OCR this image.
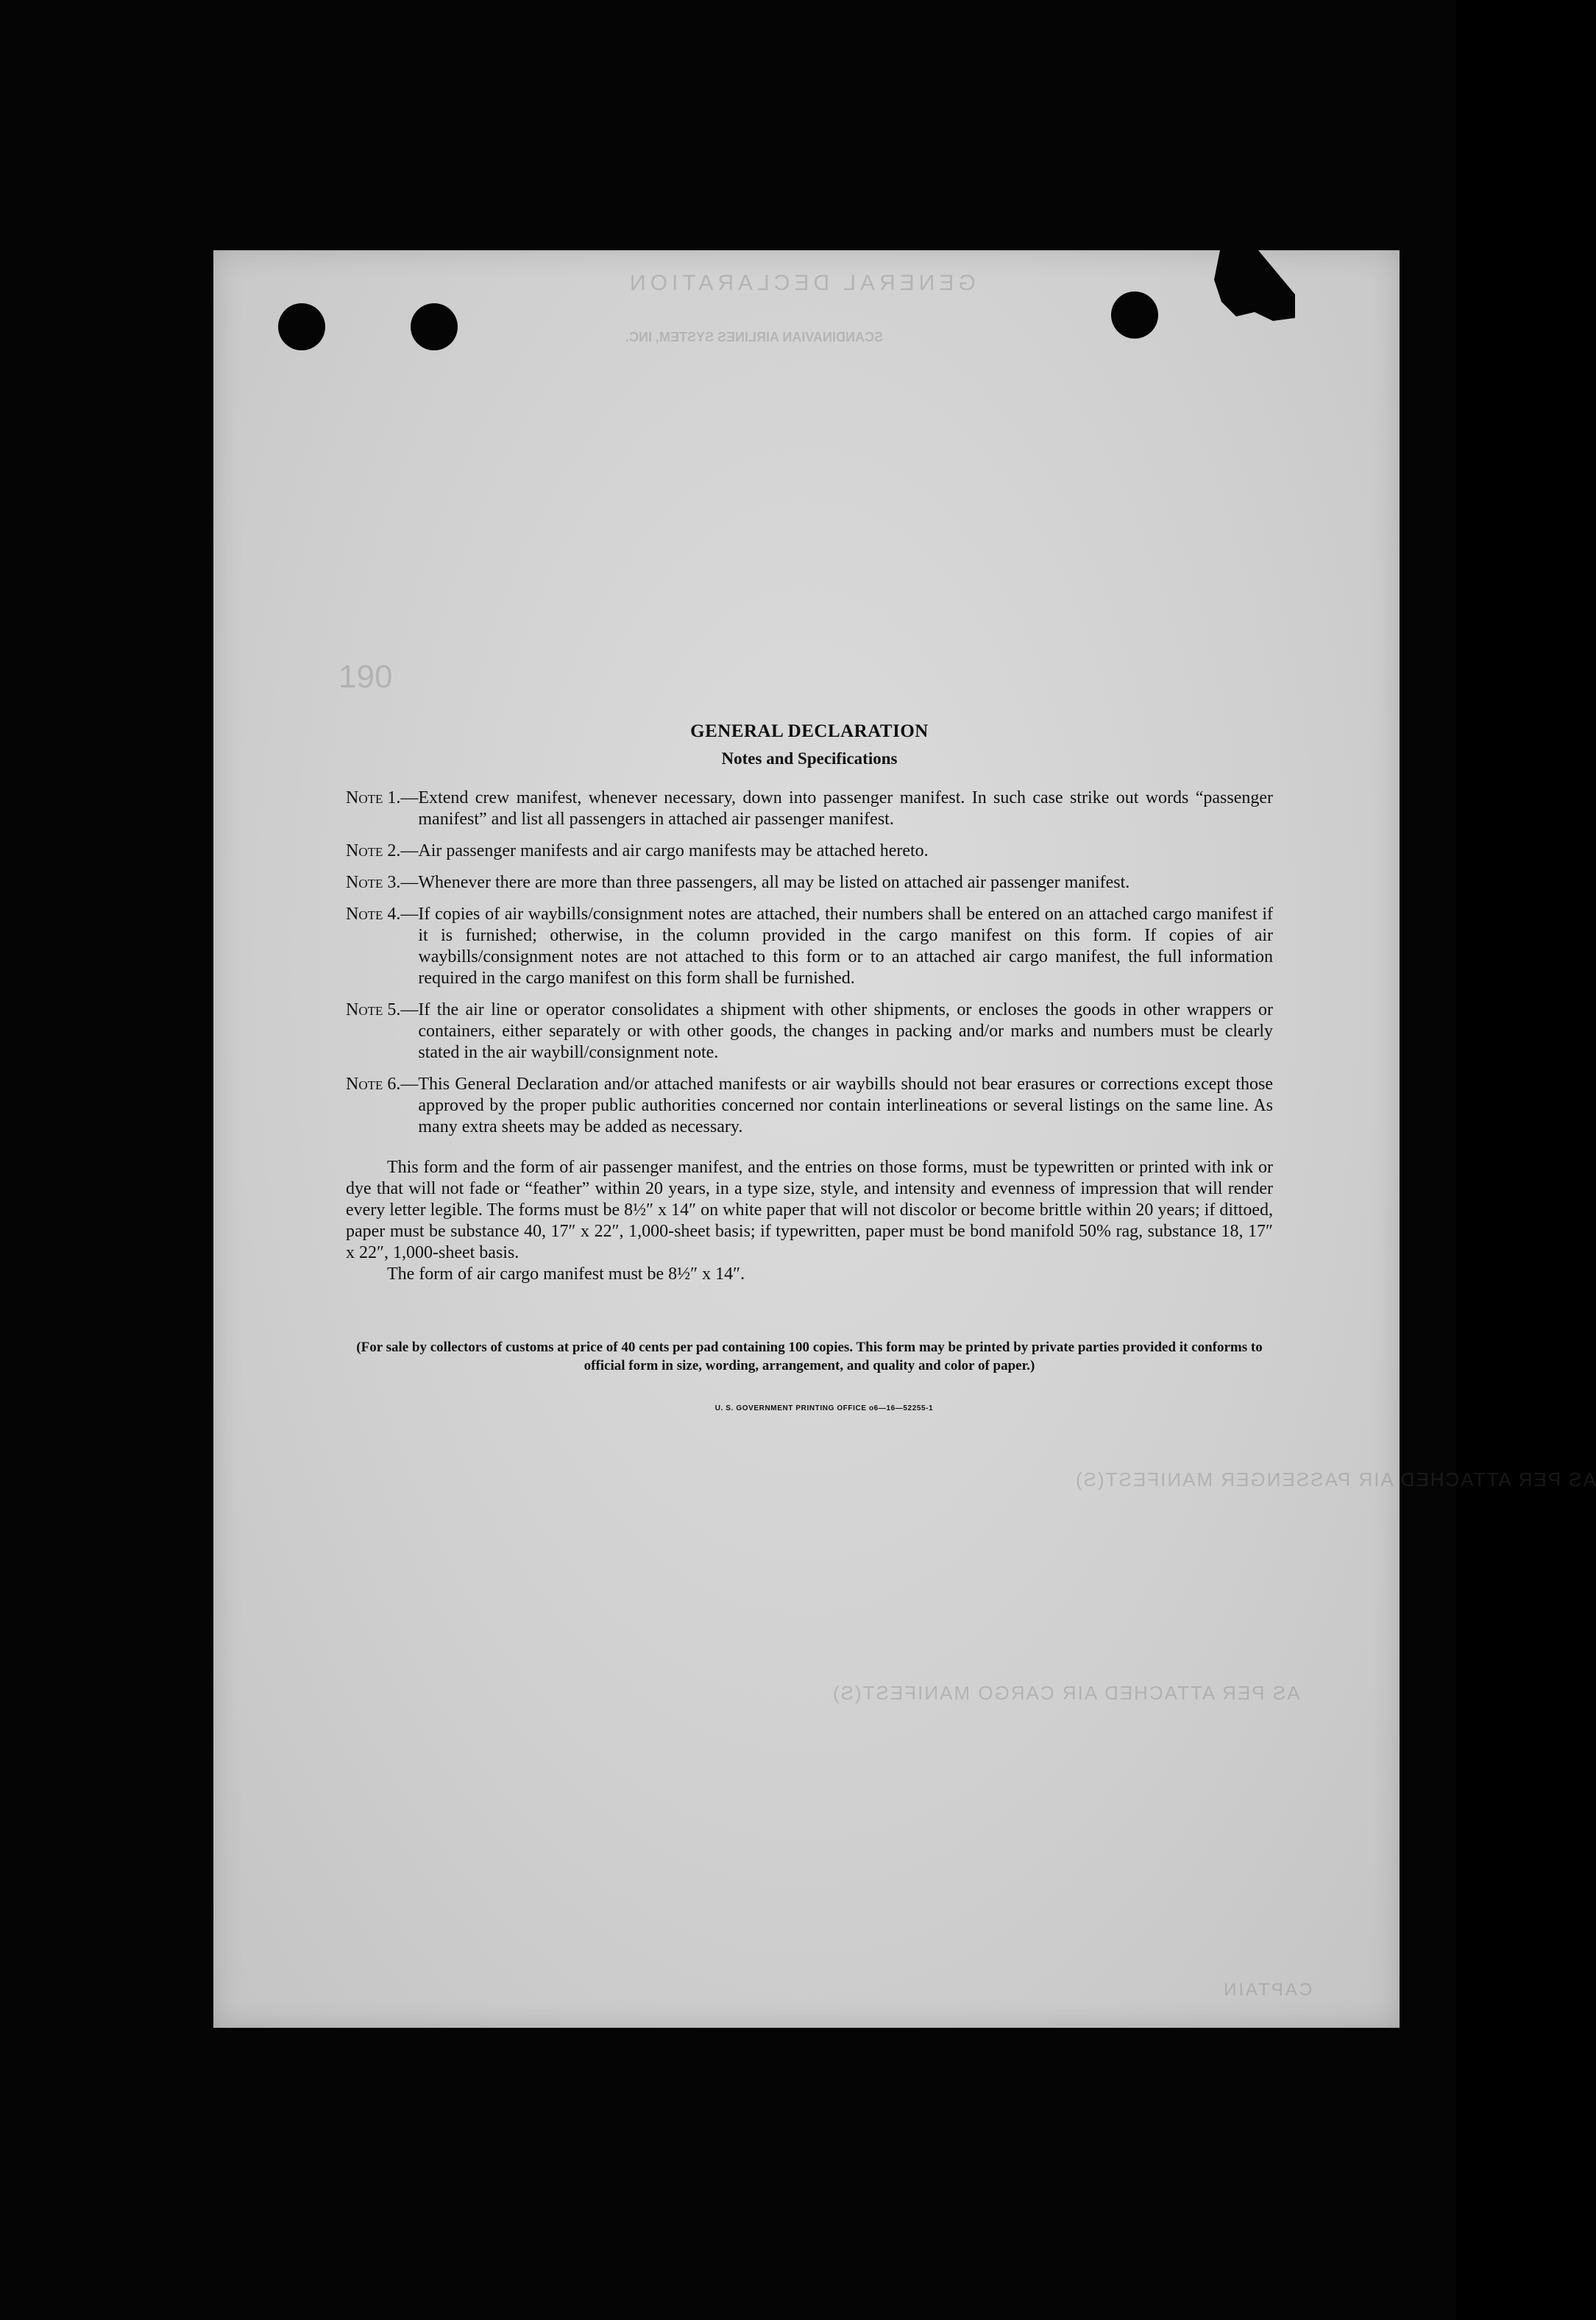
GENERAL DECLARATION
SCANDINAVIAN AIRLINES SYSTEM, INC.
190
AS PER ATTACHED AIR PASSENGER MANIFEST(S)
AS PER ATTACHED AIR CARGO MANIFEST(S)
CAPTAIN
GENERAL DECLARATION
Notes and Specifications
Note 1. — Extend crew manifest, whenever necessary, down into passenger manifest. In such case strike out words “passenger manifest” and list all passengers in attached air passenger manifest.
Note 2. — Air passenger manifests and air cargo manifests may be attached hereto.
Note 3. — Whenever there are more than three passengers, all may be listed on attached air passenger manifest.
Note 4. — If copies of air waybills/consignment notes are attached, their numbers shall be entered on an attached cargo manifest if it is furnished; otherwise, in the column provided in the cargo manifest on this form. If copies of air waybills/consignment notes are not attached to this form or to an attached air cargo manifest, the full information required in the cargo manifest on this form shall be furnished.
Note 5. — If the air line or operator consolidates a shipment with other shipments, or encloses the goods in other wrappers or containers, either separately or with other goods, the changes in packing and/or marks and numbers must be clearly stated in the air waybill/consignment note.
Note 6. — This General Declaration and/or attached manifests or air waybills should not bear erasures or corrections except those approved by the proper public authorities concerned nor contain interlineations or several listings on the same line. As many extra sheets may be added as necessary.
This form and the form of air passenger manifest, and the entries on those forms, must be typewritten or printed with ink or dye that will not fade or “feather” within 20 years, in a type size, style, and intensity and evenness of impression that will render every letter legible. The forms must be 8½″ x 14″ on white paper that will not discolor or become brittle within 20 years; if dittoed, paper must be substance 40, 17″ x 22″, 1,000-sheet basis; if typewritten, paper must be bond manifold 50% rag, substance 18, 17″ x 22″, 1,000-sheet basis.
The form of air cargo manifest must be 8½″ x 14″.
(For sale by collectors of customs at price of 40 cents per pad containing 100 copies. This form may be printed by private parties provided it conforms to official form in size, wording, arrangement, and quality and color of paper.)
U. S. GOVERNMENT PRINTING OFFICE o6—16—52255-1
